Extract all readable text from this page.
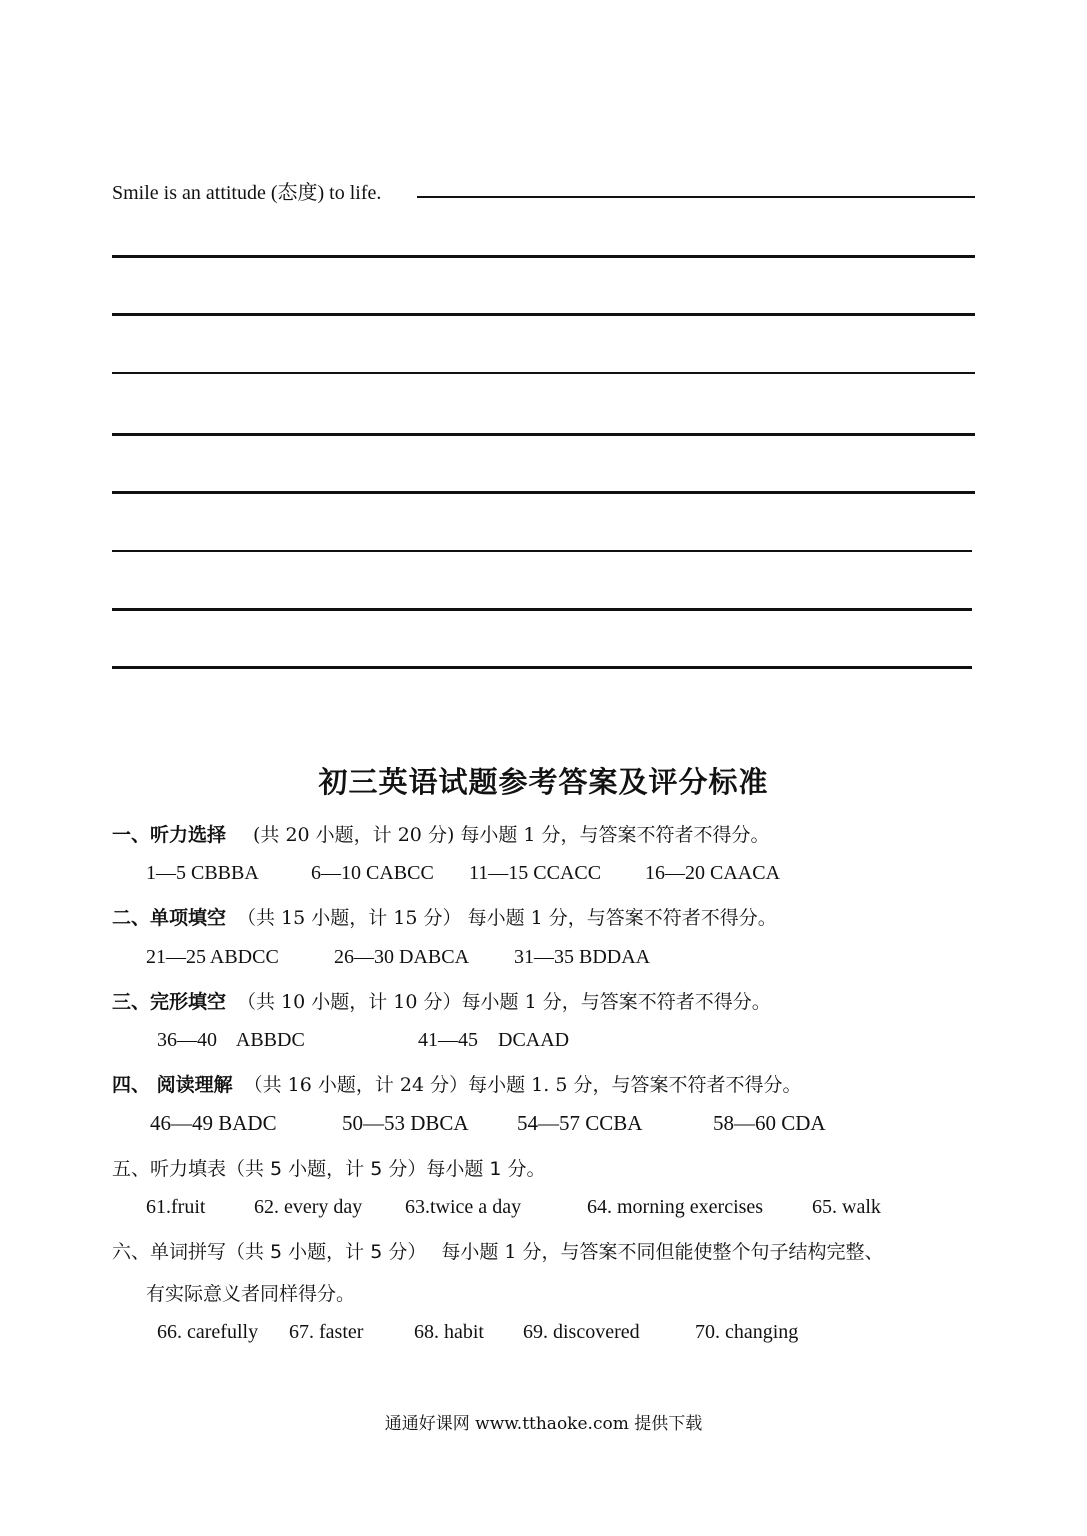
Smile is an attitude (态度) to life.
初三英语试题参考答案及评分标准
一、听力选择 (共 20 小题，计 20 分) 每小题 1 分，与答案不符者不得分。
1—5 CBBBA	6—10 CABCC 11—15 CCACC 16—20 CAACA
二、单项填空 （共 15 小题，计 15 分） 每小题 1 分，与答案不符者不得分。
21—25 ABDCC	26—30 DABCA 31—35 BDDAA
三、完形填空 （共 10 小题，计 10 分）每小题 1 分，与答案不符者不得分。
36—40    ABBDC	41—45    DCAAD
四、 阅读理解 （共 16 小题，计 24 分）每小题 1. 5 分，与答案不符者不得分。
46—49 BADC	50—53 DBCA 54—57 CCBA	58—60 CDA
五、听力填表（共 5 小题，计 5 分）每小题 1 分。
61.fruit 62. every day 63.twice a day	64. morning exercises 65. walk
六、单词拼写（共 5 小题，计 5 分） 每小题 1 分，与答案不同但能使整个句子结构完整、
有实际意义者同样得分。
66. carefully 67. faster	68. habit 69. discovered	70. changing
通通好课网 www.tthaoke.com 提供下载
